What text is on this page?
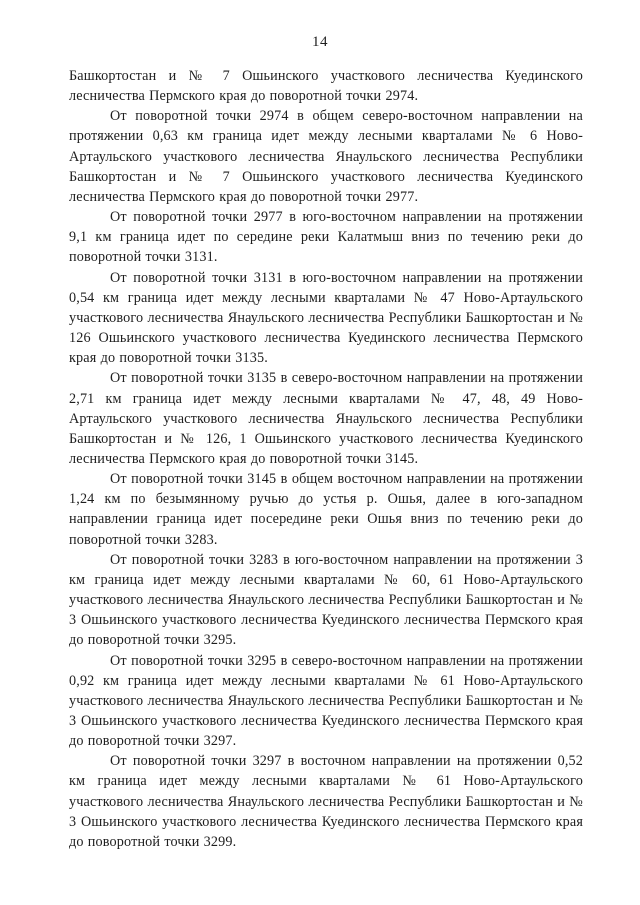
14

Башкортостан и № 7 Ошьинского участкового лесничества Куединского лесничества Пермского края до поворотной точки 2974.

От поворотной точки 2974 в общем северо-восточном направлении на протяжении 0,63 км граница идет между лесными кварталами № 6 Ново-Артаульского участкового лесничества Янаульского лесничества Республики Башкортостан и № 7 Ошьинского участкового лесничества Куединского лесничества Пермского края до поворотной точки 2977.

От поворотной точки 2977 в юго-восточном направлении на протяжении 9,1 км граница идет по середине реки Калатмыш вниз по течению реки до поворотной точки 3131.

От поворотной точки 3131 в юго-восточном направлении на протяжении 0,54 км граница идет между лесными кварталами № 47 Ново-Артаульского участкового лесничества Янаульского лесничества Республики Башкортостан и № 126 Ошьинского участкового лесничества Куединского лесничества Пермского края до поворотной точки 3135.

От поворотной точки 3135 в северо-восточном направлении на протяжении 2,71 км граница идет между лесными кварталами № 47, 48, 49 Ново-Артаульского участкового лесничества Янаульского лесничества Республики Башкортостан и № 126, 1 Ошьинского участкового лесничества Куединского лесничества Пермского края до поворотной точки 3145.

От поворотной точки 3145 в общем восточном направлении на протяжении 1,24 км по безымянному ручью до устья р. Ошья, далее в юго-западном направлении граница идет посередине реки Ошья вниз по течению реки до поворотной точки 3283.

От поворотной точки 3283 в юго-восточном направлении на протяжении 3 км граница идет между лесными кварталами № 60, 61 Ново-Артаульского участкового лесничества Янаульского лесничества Республики Башкортостан и № 3 Ошьинского участкового лесничества Куединского лесничества Пермского края до поворотной точки 3295.

От поворотной точки 3295 в северо-восточном направлении на протяжении 0,92 км граница идет между лесными кварталами № 61 Ново-Артаульского участкового лесничества Янаульского лесничества Республики Башкортостан и № 3 Ошьинского участкового лесничества Куединского лесничества Пермского края до поворотной точки 3297.

От поворотной точки 3297 в восточном направлении на протяжении 0,52 км граница идет между лесными кварталами № 61 Ново-Артаульского участкового лесничества Янаульского лесничества Республики Башкортостан и № 3 Ошьинского участкового лесничества Куединского лесничества Пермского края до поворотной точки 3299.
